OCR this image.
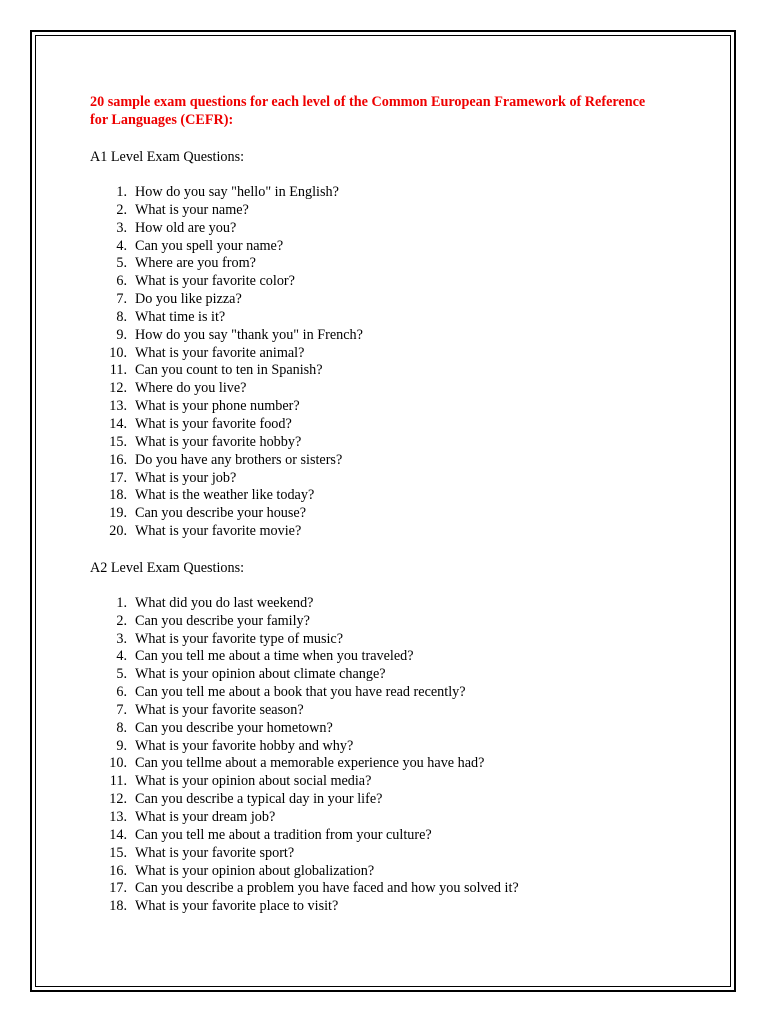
20 sample exam questions for each level of the Common European Framework of Reference for Languages (CEFR):
A1 Level Exam Questions:
1. How do you say "hello" in English?
2. What is your name?
3. How old are you?
4. Can you spell your name?
5. Where are you from?
6. What is your favorite color?
7. Do you like pizza?
8. What time is it?
9. How do you say "thank you" in French?
10. What is your favorite animal?
11. Can you count to ten in Spanish?
12. Where do you live?
13. What is your phone number?
14. What is your favorite food?
15. What is your favorite hobby?
16. Do you have any brothers or sisters?
17. What is your job?
18. What is the weather like today?
19. Can you describe your house?
20. What is your favorite movie?
A2 Level Exam Questions:
1. What did you do last weekend?
2. Can you describe your family?
3. What is your favorite type of music?
4. Can you tell me about a time when you traveled?
5. What is your opinion about climate change?
6. Can you tell me about a book that you have read recently?
7. What is your favorite season?
8. Can you describe your hometown?
9. What is your favorite hobby and why?
10. Can you tellme about a memorable experience you have had?
11. What is your opinion about social media?
12. Can you describe a typical day in your life?
13. What is your dream job?
14. Can you tell me about a tradition from your culture?
15. What is your favorite sport?
16. What is your opinion about globalization?
17. Can you describe a problem you have faced and how you solved it?
18. What is your favorite place to visit?
